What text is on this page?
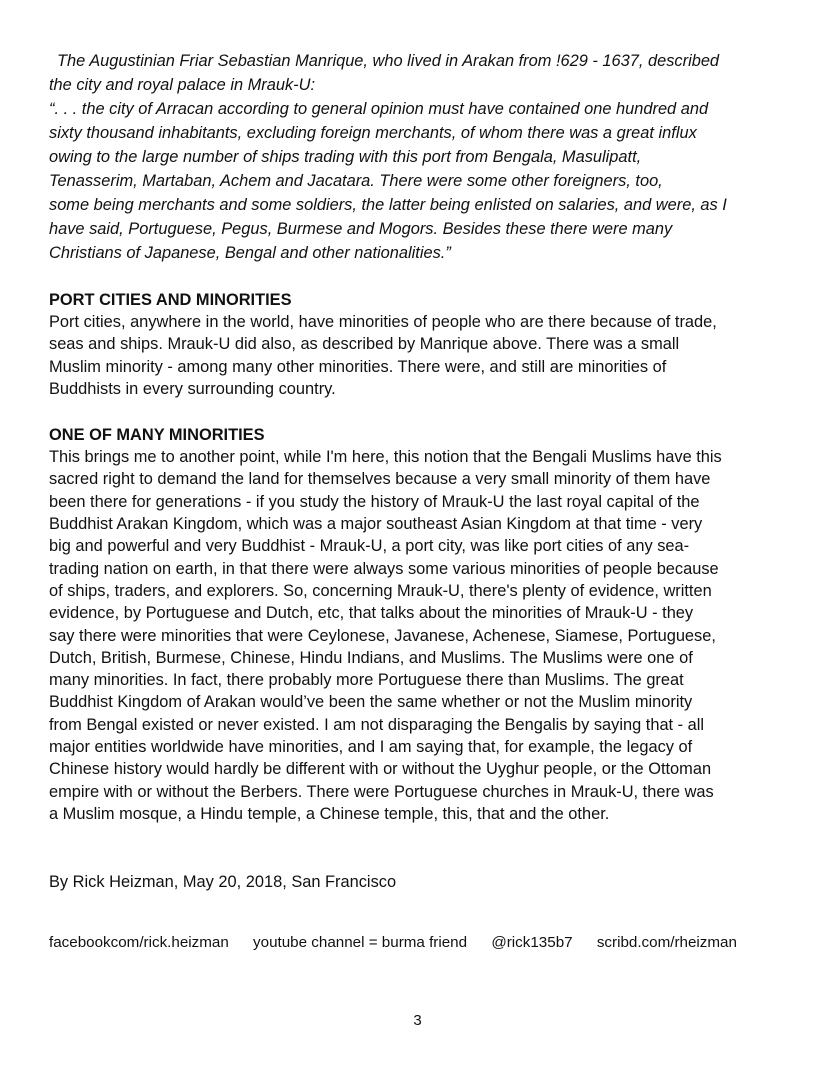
The Augustinian Friar Sebastian Manrique, who lived in Arakan from !629 - 1637, described
the city and royal palace in Mrauk-U:
“. . . the city of Arracan according to general opinion must have contained one hundred and
sixty thousand inhabitants, excluding foreign merchants, of whom there was a great influx
owing to the large number of ships trading with this port from Bengala, Masulipatt,
Tenasserim, Martaban, Achem and Jacatara. There were some other foreigners, too,
some being merchants and some soldiers, the latter being enlisted on salaries, and were, as I
have said, Portuguese, Pegus, Burmese and Mogors. Besides these there were many
Christians of Japanese, Bengal and other nationalities.”

PORT CITIES AND MINORITIES

Port cities, anywhere in the world, have minorities of people who are there because of trade,
seas and ships. Mrauk-U did also, as described by Manrique above. There was a small
Muslim minority - among many other minorities. There were, and still are minorities of
Buddhists in every surrounding country.

ONE OF MANY MINORITIES

This brings me to another point, while I'm here, this notion that the Bengali Muslims have this
sacred right to demand the land for themselves because a very small minority of them have
been there for generations - if you study the history of Mrauk-U the last royal capital of the
Buddhist Arakan Kingdom, which was a major southeast Asian Kingdom at that time - very
big and powerful and very Buddhist - Mrauk-U, a port city, was like port cities of any sea-
trading nation on earth, in that there were always some various minorities of people because
of ships, traders, and explorers. So, concerning Mrauk-U, there's plenty of evidence, written
evidence, by Portuguese and Dutch, etc, that talks about the minorities of Mrauk-U - they
say there were minorities that were Ceylonese, Javanese, Achenese, Siamese, Portuguese,
Dutch, British, Burmese, Chinese, Hindu Indians, and Muslims. The Muslims were one of
many minorities. In fact, there probably more Portuguese there than Muslims. The great
Buddhist Kingdom of Arakan would’ve been the same whether or not the Muslim minority
from Bengal existed or never existed. I am not disparaging the Bengalis by saying that - all
major entities worldwide have minorities, and I am saying that, for example, the legacy of
Chinese history would hardly be different with or without the Uyghur people, or the Ottoman
empire with or without the Berbers. There were Portuguese churches in Mrauk-U, there was
a Muslim mosque, a Hindu temple, a Chinese temple, this, that and the other.

By Rick Heizman, May 20, 2018, San Francisco
facebookcom/rick.heizman youtube channel = burma friend @rick135b7 scribd.com/rheizman
3
